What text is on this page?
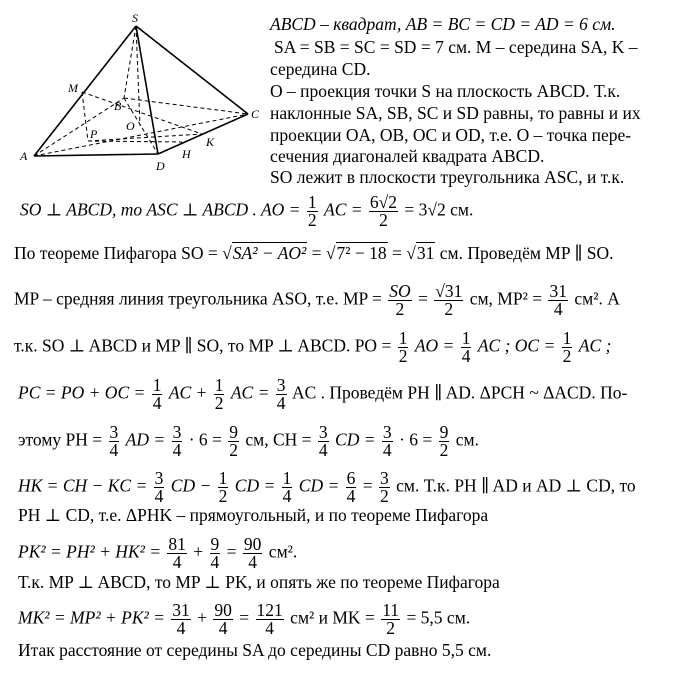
S
M
B
C
O
P
A
D
H
K
ABCD – квадрат, AB = BC = CD = AD = 6 см.
SA = SB = SC = SD = 7 см. M – середина SA, K –
середина CD.
O – проекция точки S на плоскость ABCD. Т.к.
наклонные SA, SB, SC и SD равны, то равны и их
проекции OA, OB, OC и OD, т.е. O – точка пере-
сечения диагоналей квадрата ABCD.
SO лежит в плоскости треугольника ASC, и т.к.
SO ⊥ ABCD, то ASC ⊥ ABCD . AO = $\frac{1}{2}$ AC = $\frac{6√2}{2} = 3√2$ см.
По теореме Пифагора SO = √SA² − AO² = √7² − 18 = √31 см. Проведём MP ∥ SO.
MP – средняя линия треугольника ASO, т.е. MP = $\frac{SO}{2} = \frac{√31}{2}$ см, $MP^2 = \frac{31}{4} см^2$. А
т.к. SO ⊥ ABCD и MP ∥ SO, то MP ⊥ ABCD. PO = $\frac{1}{2}$ AO = $\frac{1}{4}$ AC ; OC = $\frac{1}{2}$ AC ;
PC = PO + OC = $\frac{1}{4}$ AC + $\frac{1}{2}$ AC = $\frac{3}{4}$ AC . Проведём PH ∥ AD. ΔPCH ~ ΔACD. По-
этому PH = $\frac{3}{4}$ AD = $\frac{3}{4} \cdot 6 = \frac{9}{2}$ см, CH = $\frac{3}{4}$ CD = $\frac{3}{4} \cdot 6 = \frac{9}{2}$ см.
HK = CH − KC = $\frac{3}{4}$ CD − $\frac{1}{2}$ CD = $\frac{1}{4}$ CD = $\frac{6}{4} = \frac{3}{2}$ см. Т.к. PH ∥ AD и AD ⊥ CD, то
PH ⊥ CD, т.е. ΔPHK – прямоугольный, и по теореме Пифагора
$PK^2 = PH^2 + HK^2 = \frac{81}{4} + \frac{9}{4} = \frac{90}{4} см^2$.
Т.к. MP ⊥ ABCD, то MP ⊥ PK, и опять же по теореме Пифагора
$MK^2 = MP^2 + PK^2 = \frac{31}{4} + \frac{90}{4} = \frac{121}{4} см^2$ и MK = $\frac{11}{2} = 5,5$ см.
Итак расстояние от середины SA до середины CD равно 5,5 см.
